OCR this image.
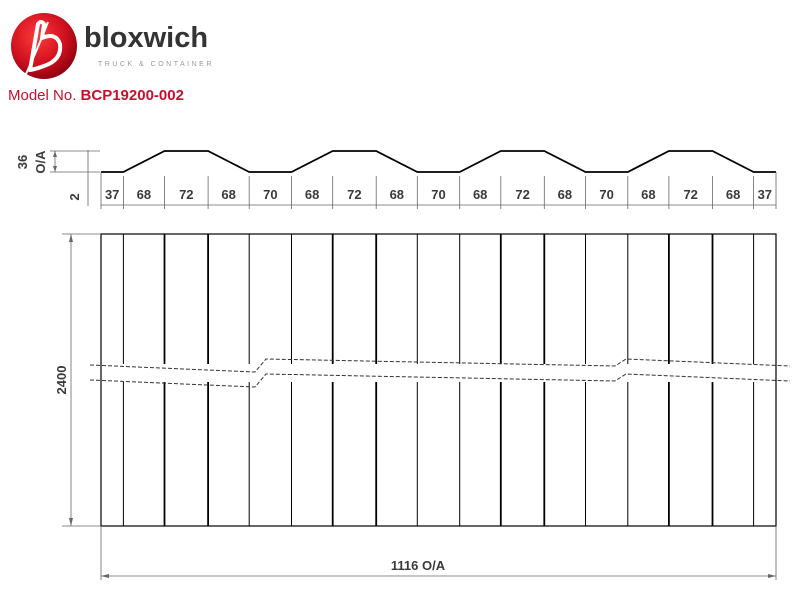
bloxwich
TRUCK & CONTAINER
Model No. BCP19200-002
37 68 72 68 70 68 72 68 70 68 72 68 70 68 72 68 37
36 O/A
2
2400
1116 O/A
